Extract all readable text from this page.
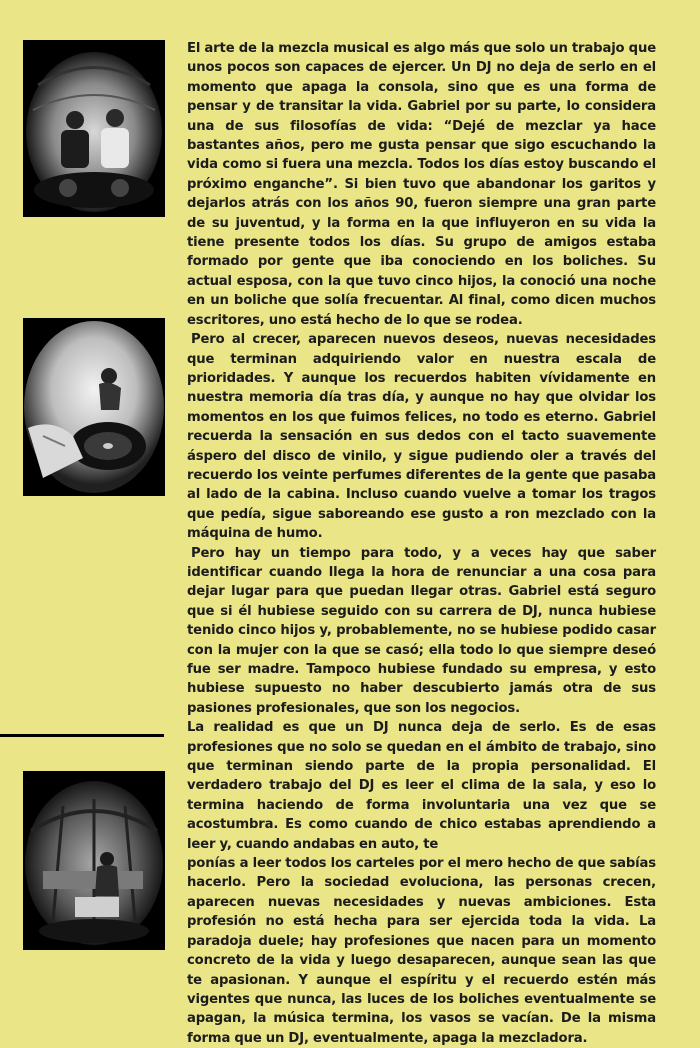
El arte de la mezcla musical es algo más que solo un trabajo que unos pocos son capaces de ejercer. Un DJ no deja de serlo en el momento que apaga la consola, sino que es una forma de pensar y de transitar la vida. Gabriel por su parte, lo considera una de sus filosofías de vida: “Dejé de mezclar ya hace bastantes años, pero me gusta pensar que sigo escuchando la vida como si fuera una mezcla. Todos los días estoy buscando el próximo enganche”. Si bien tuvo que abandonar los garitos y dejarlos atrás con los años 90, fueron siempre una gran parte de su juventud, y la forma en la que influyeron en su vida la tiene presente todos los días. Su grupo de amigos estaba formado por gente que iba conociendo en los boliches. Su actual esposa, con la que tuvo cinco hijos, la conoció una noche en un boliche que solía frecuentar. Al final, como dicen muchos escritores, uno está hecho de lo que se rodea.

Pero al crecer, aparecen nuevos deseos, nuevas necesidades que terminan adquiriendo valor en nuestra escala de prioridades. Y aunque los recuerdos habiten vívidamente en nuestra memoria día tras día, y aunque no hay que olvidar los momentos en los que fuimos felices, no todo es eterno. Gabriel recuerda la sensación en sus dedos con el tacto suavemente áspero del disco de vinilo, y sigue pudiendo oler a través del recuerdo los veinte perfumes diferentes de la gente que pasaba al lado de la cabina. Incluso cuando vuelve a tomar los tragos que pedía, sigue saboreando ese gusto a ron mezclado con la máquina de humo.

Pero hay un tiempo para todo, y a veces hay que saber identificar cuando llega la hora de renunciar a una cosa para dejar lugar para que puedan llegar otras. Gabriel está seguro que si él hubiese seguido con su carrera de DJ, nunca hubiese tenido cinco hijos y, probablemente, no se hubiese podido casar con la mujer con la que se casó; ella todo lo que siempre deseó fue ser madre. Tampoco hubiese fundado su empresa, y esto hubiese supuesto no haber descubierto jamás otra de sus pasiones profesionales, que son los negocios.

La realidad es que un DJ nunca deja de serlo. Es de esas profesiones que no solo se quedan en el ámbito de trabajo, sino que terminan siendo parte de la propia personalidad. El verdadero trabajo del DJ es leer el clima de la sala, y eso lo termina haciendo de forma involuntaria una vez que se acostumbra. Es como cuando de chico estabas aprendiendo a leer y, cuando andabas en auto, te

ponías a leer todos los carteles por el mero hecho de que sabías hacerlo. Pero la sociedad evoluciona, las personas crecen, aparecen nuevas necesidades y nuevas ambiciones. Esta profesión no está hecha para ser ejercida toda la vida. La paradoja duele; hay profesiones que nacen para un momento concreto de la vida y luego desaparecen, aunque sean las que te apasionan. Y aunque el espíritu y el recuerdo estén más vigentes que nunca, las luces de los boliches eventualmente se apagan, la música termina, los vasos se vacían. De la misma forma que un DJ, eventualmente, apaga la mezcladora.
